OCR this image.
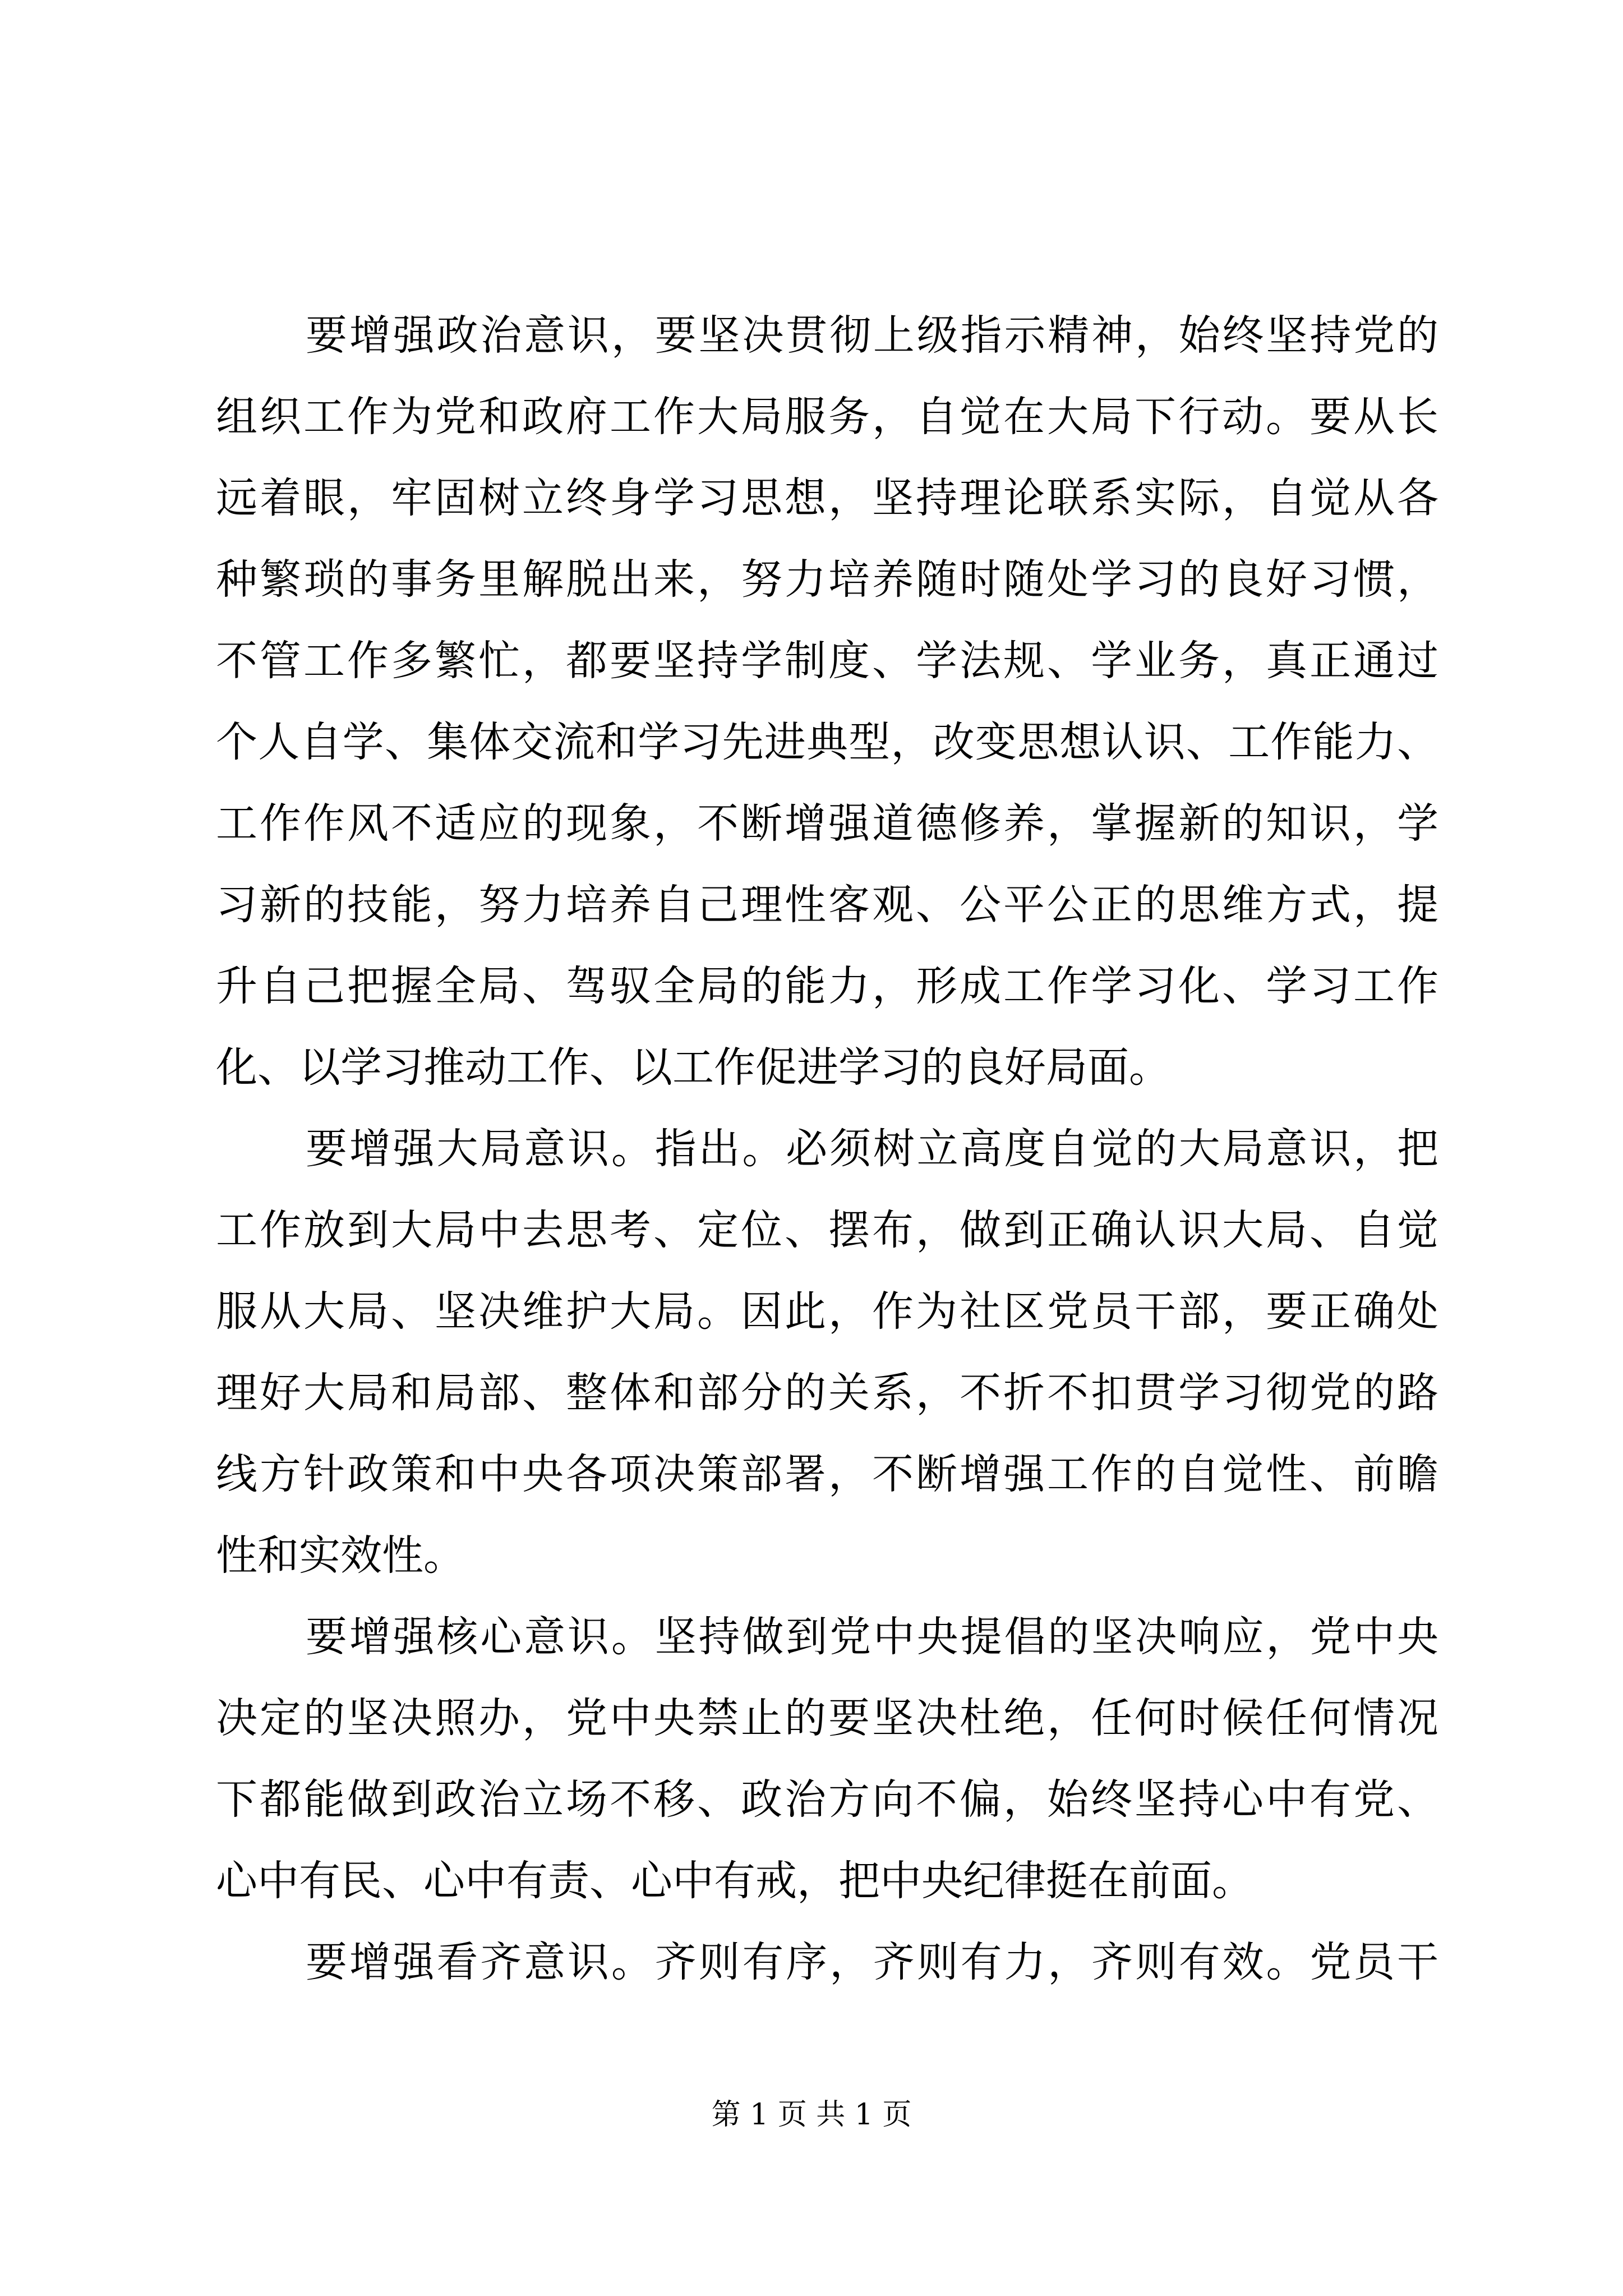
要增强政治意识，要坚决贯彻上级指示精神，始终坚持党的
组织工作为党和政府工作大局服务，自觉在大局下行动。要从长
远着眼，牢固树立终身学习思想，坚持理论联系实际，自觉从各
种繁琐的事务里解脱出来，努力培养随时随处学习的良好习惯，
不管工作多繁忙，都要坚持学制度、学法规、学业务，真正通过
个人自学、集体交流和学习先进典型，改变思想认识、工作能力、
工作作风不适应的现象，不断增强道德修养，掌握新的知识，学
习新的技能，努力培养自己理性客观、公平公正的思维方式，提
升自己把握全局、驾驭全局的能力，形成工作学习化、学习工作
化、以学习推动工作、以工作促进学习的良好局面。
要增强大局意识。指出。必须树立高度自觉的大局意识，把
工作放到大局中去思考、定位、摆布，做到正确认识大局、自觉
服从大局、坚决维护大局。因此，作为社区党员干部，要正确处
理好大局和局部、整体和部分的关系，不折不扣贯学习彻党的路
线方针政策和中央各项决策部署，不断增强工作的自觉性、前瞻
性和实效性。
要增强核心意识。坚持做到党中央提倡的坚决响应，党中央
决定的坚决照办，党中央禁止的要坚决杜绝，任何时候任何情况
下都能做到政治立场不移、政治方向不偏，始终坚持心中有党、
心中有民、心中有责、心中有戒，把中央纪律挺在前面。
要增强看齐意识。齐则有序，齐则有力，齐则有效。党员干
第 1 页 共 1 页
